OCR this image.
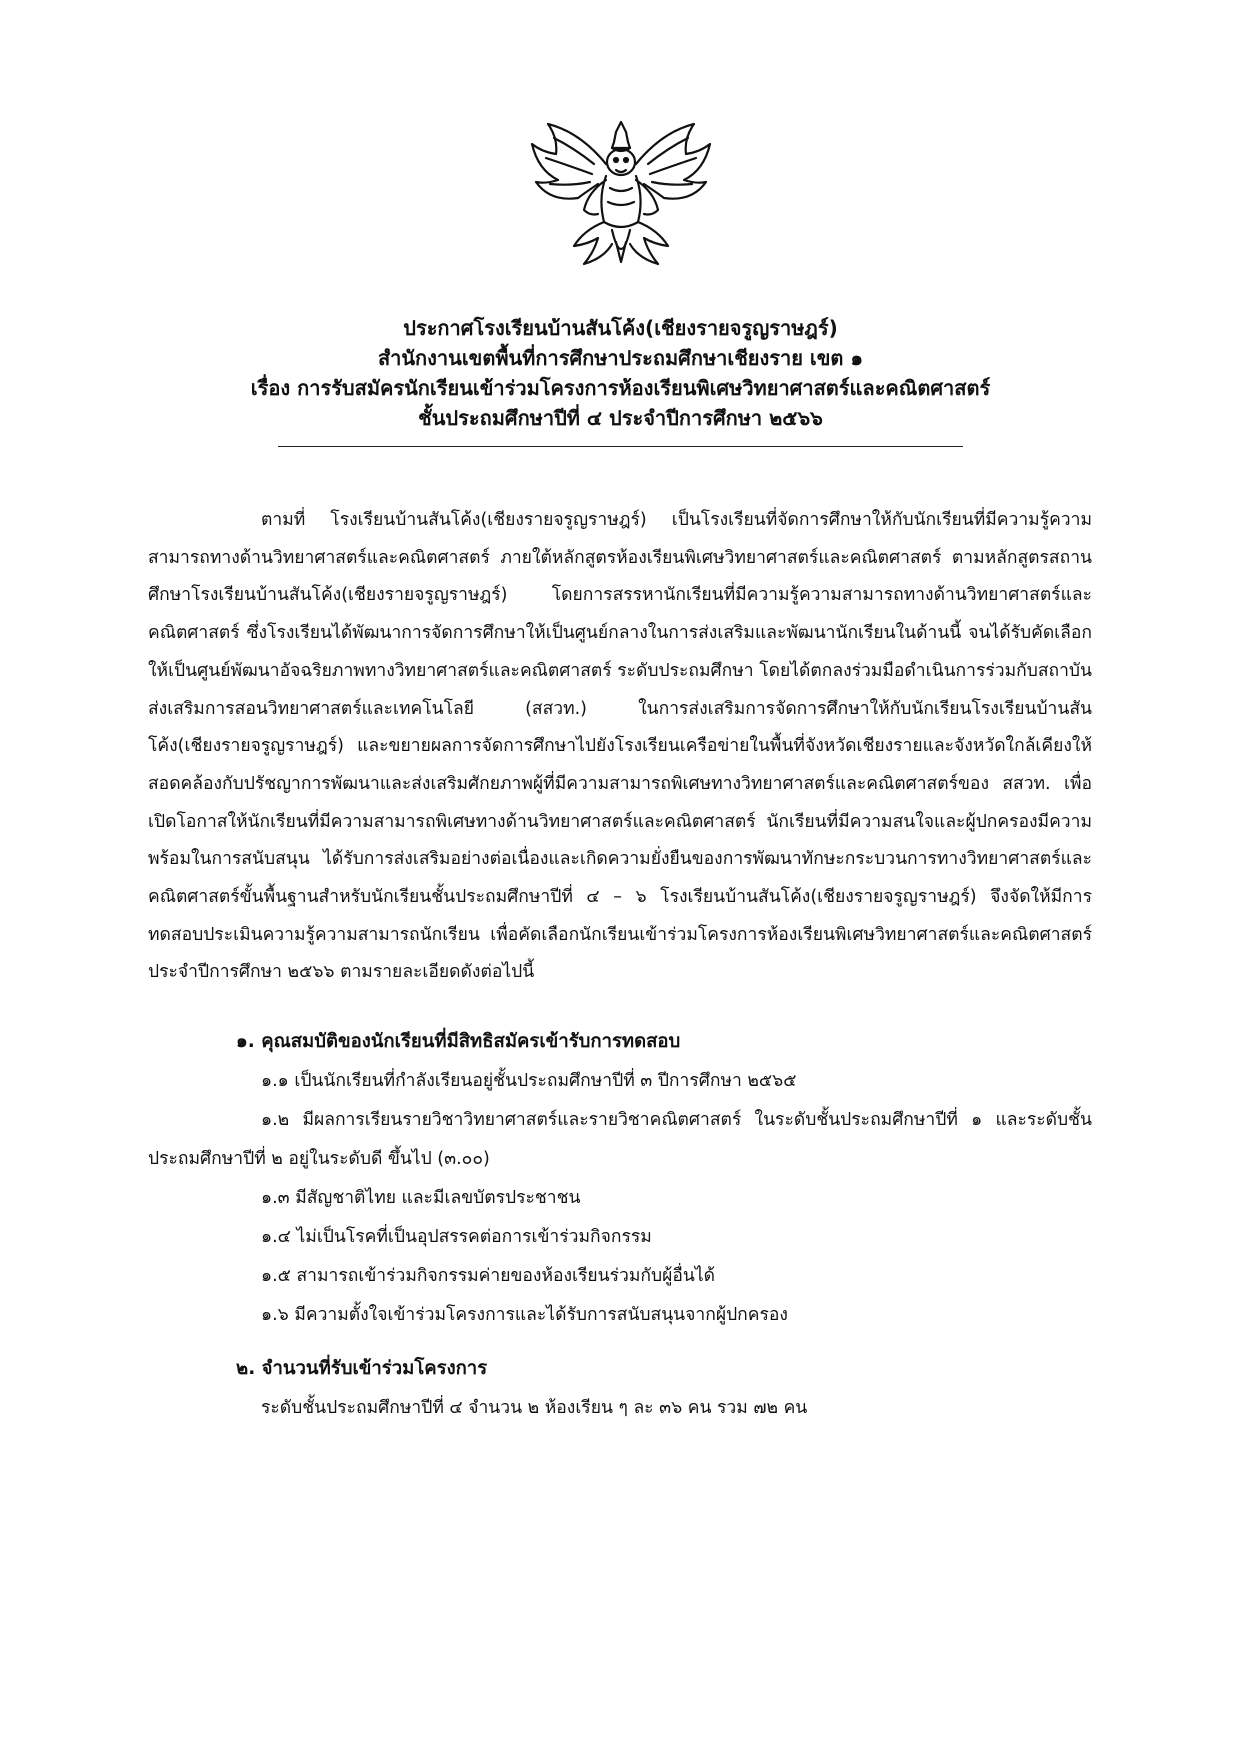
ประกาศโรงเรียนบ้านสันโค้ง(เชียงรายจรูญราษฎร์)
สำนักงานเขตพื้นที่การศึกษาประถมศึกษาเชียงราย เขต ๑
เรื่อง การรับสมัครนักเรียนเข้าร่วมโครงการห้องเรียนพิเศษวิทยาศาสตร์และคณิตศาสตร์
ชั้นประถมศึกษาปีที่ ๔ ประจำปีการศึกษา ๒๕๖๖

ตามที่ โรงเรียนบ้านสันโค้ง(เชียงรายจรูญราษฎร์) เป็นโรงเรียนที่จัดการศึกษาให้กับนักเรียนที่มีความรู้ความสามารถทางด้านวิทยาศาสตร์และคณิตศาสตร์ ภายใต้หลักสูตรห้องเรียนพิเศษวิทยาศาสตร์และคณิตศาสตร์ ตามหลักสูตรสถานศึกษาโรงเรียนบ้านสันโค้ง(เชียงรายจรูญราษฎร์) โดยการสรรหานักเรียนที่มีความรู้ความสามารถทางด้านวิทยาศาสตร์และคณิตศาสตร์ ซึ่งโรงเรียนได้พัฒนาการจัดการศึกษาให้เป็นศูนย์กลางในการส่งเสริมและพัฒนานักเรียนในด้านนี้ จนได้รับคัดเลือกให้เป็นศูนย์พัฒนาอัจฉริยภาพทางวิทยาศาสตร์และคณิตศาสตร์ ระดับประถมศึกษา โดยได้ตกลงร่วมมือดำเนินการร่วมกับสถาบันส่งเสริมการสอนวิทยาศาสตร์และเทคโนโลยี (สสวท.) ในการส่งเสริมการจัดการศึกษาให้กับนักเรียนโรงเรียนบ้านสันโค้ง(เชียงรายจรูญราษฎร์) และขยายผลการจัดการศึกษาไปยังโรงเรียนเครือข่ายในพื้นที่จังหวัดเชียงรายและจังหวัดใกล้เคียงให้สอดคล้องกับปรัชญาการพัฒนาและส่งเสริมศักยภาพผู้ที่มีความสามารถพิเศษทางวิทยาศาสตร์และคณิตศาสตร์ของ สสวท. เพื่อเปิดโอกาสให้นักเรียนที่มีความสามารถพิเศษทางด้านวิทยาศาสตร์และคณิตศาสตร์ นักเรียนที่มีความสนใจและผู้ปกครองมีความพร้อมในการสนับสนุน ได้รับการส่งเสริมอย่างต่อเนื่องและเกิดความยั่งยืนของการพัฒนาทักษะกระบวนการทางวิทยาศาสตร์และคณิตศาสตร์ขั้นพื้นฐานสำหรับนักเรียนชั้นประถมศึกษาปีที่ ๔ – ๖ โรงเรียนบ้านสันโค้ง(เชียงรายจรูญราษฎร์) จึงจัดให้มีการทดสอบประเมินความรู้ความสามารถนักเรียน เพื่อคัดเลือกนักเรียนเข้าร่วมโครงการห้องเรียนพิเศษวิทยาศาสตร์และคณิตศาสตร์ ประจำปีการศึกษา ๒๕๖๖ ตามรายละเอียดดังต่อไปนี้

๑. คุณสมบัติของนักเรียนที่มีสิทธิสมัครเข้ารับการทดสอบ

๑.๑ เป็นนักเรียนที่กำลังเรียนอยู่ชั้นประถมศึกษาปีที่ ๓ ปีการศึกษา ๒๕๖๕

๑.๒ มีผลการเรียนรายวิชาวิทยาศาสตร์และรายวิชาคณิตศาสตร์ ในระดับชั้นประถมศึกษาปีที่ ๑ และระดับชั้นประถมศึกษาปีที่ ๒ อยู่ในระดับดี ขึ้นไป (๓.๐๐)

๑.๓ มีสัญชาติไทย และมีเลขบัตรประชาชน

๑.๔ ไม่เป็นโรคที่เป็นอุปสรรคต่อการเข้าร่วมกิจกรรม

๑.๕ สามารถเข้าร่วมกิจกรรมค่ายของห้องเรียนร่วมกับผู้อื่นได้

๑.๖ มีความตั้งใจเข้าร่วมโครงการและได้รับการสนับสนุนจากผู้ปกครอง

๒. จำนวนที่รับเข้าร่วมโครงการ

ระดับชั้นประถมศึกษาปีที่ ๔ จำนวน ๒ ห้องเรียน ๆ ละ ๓๖ คน รวม ๗๒ คน
